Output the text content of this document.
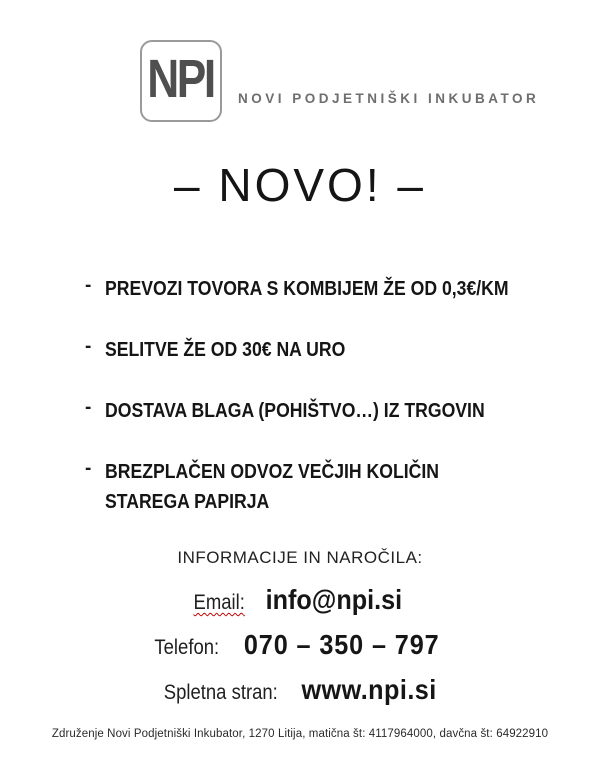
NPI NOVI PODJETNIŠKI INKUBATOR
– NOVO! –
- PREVOZI TOVORA S KOMBIJEM ŽE OD 0,3€/KM
- SELITVE ŽE OD 30€ NA URO
- DOSTAVA BLAGA (POHIŠTVO…) IZ TRGOVIN
- BREZPLAČEN ODVOZ VEČJIH KOLIČIN STAREGA PAPIRJA
INFORMACIJE IN NAROČILA:
Email: info@npi.si
Telefon: 070 – 350 – 797
Spletna stran: www.npi.si
Združenje Novi Podjetniški Inkubator, 1270 Litija, matična št: 4117964000, davčna št: 64922910
